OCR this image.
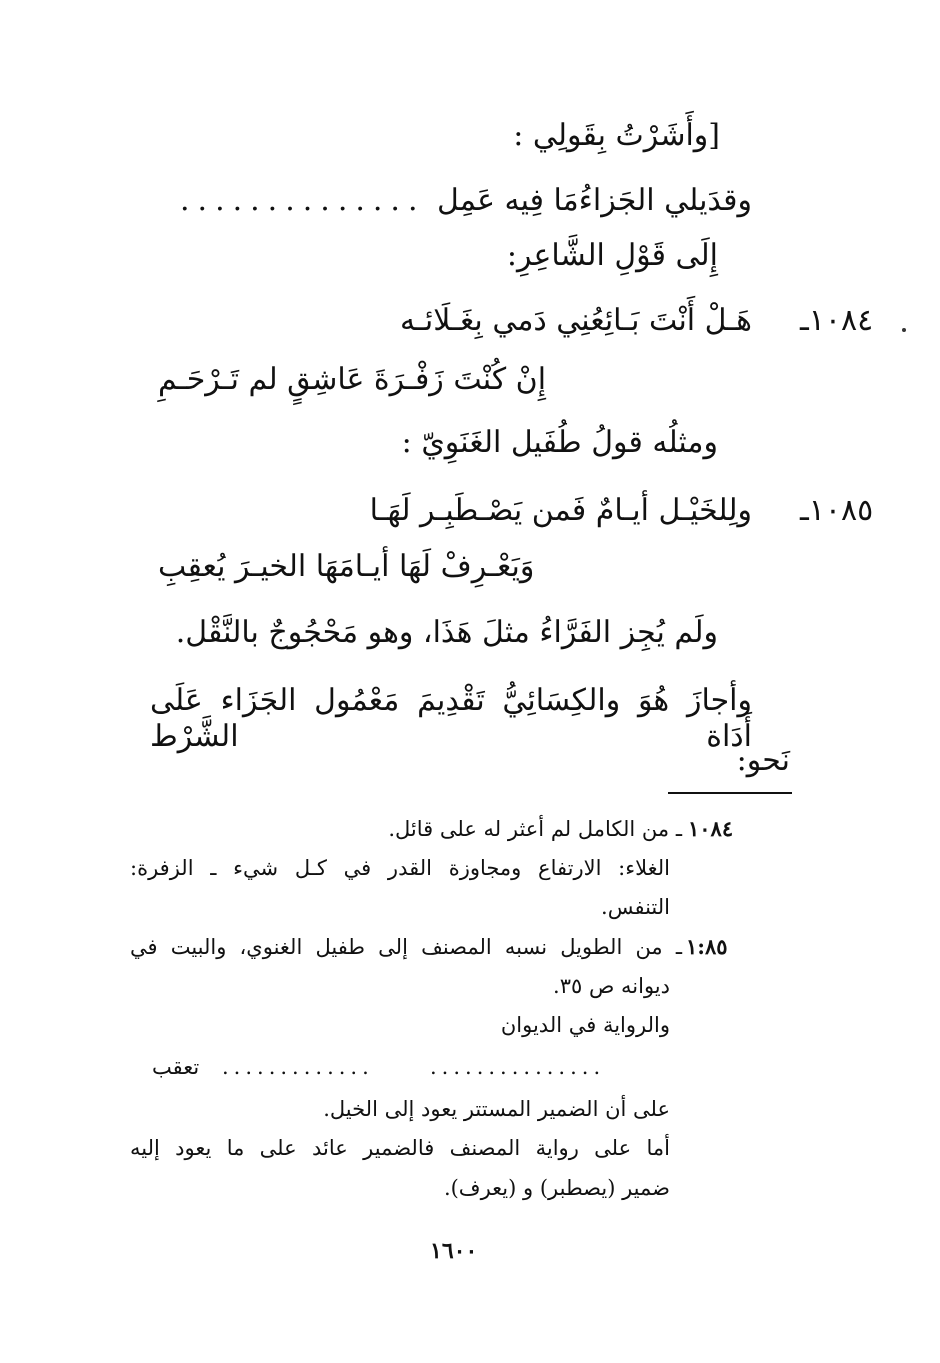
[وأَشَرْتُ بِقَولِي :
وقدَيلي الجَزاءُمَا فِيه عَمِل
..............
إِلَى قَوْلِ الشَّاعِرِ:
١٠٨٤ـ
هَـلْ أَنْتَ بَـائِعُنِي دَمي بِغَـلَائـه
إِنْ كُنْتَ زَفْـرَةَ عَاشِقٍ لم تَـرْحَـمِ
ومثلُه قولُ طُفَيل الغَنَوِيّ :
١٠٨٥ـ
ولِلخَيْـل أيـامٌ فَمن يَصْـطَبِـر لَهَـا
وَيَعْـرِفْ لَهَا أيـامَهَا الخيـرَ يُعقِبِ
ولَم يُجِز الفَرَّاءُ مثلَ هَذَا، وهو مَحْجُوجٌ بالنَّقْل.
وأجازَ هُوَ والكِسَائِيُّ تَقْدِيمَ مَعْمُول الجَزَاء عَلَى أَدَاة الشَّرْط
نَحو:
١٠٨٤
ـ من الكامل لم أعثر له على قائل.
الغلاء: الارتفاع ومجاوزة القدر في كـل شيء ـ الزفرة:
التنفس.
١:٨٥
ـ من الطويل نسبه المصنف إلى طفيل الغنوي، والبيت في
ديوانه ص ٣٥.
والرواية في الديوان
...............
.............
تعقب
على أن الضمير المستتر يعود إلى الخيل.
أما على رواية المصنف فالضمير عائد على ما يعود إليه
ضمير (يصطبر) و (يعرف).
١٦٠٠
